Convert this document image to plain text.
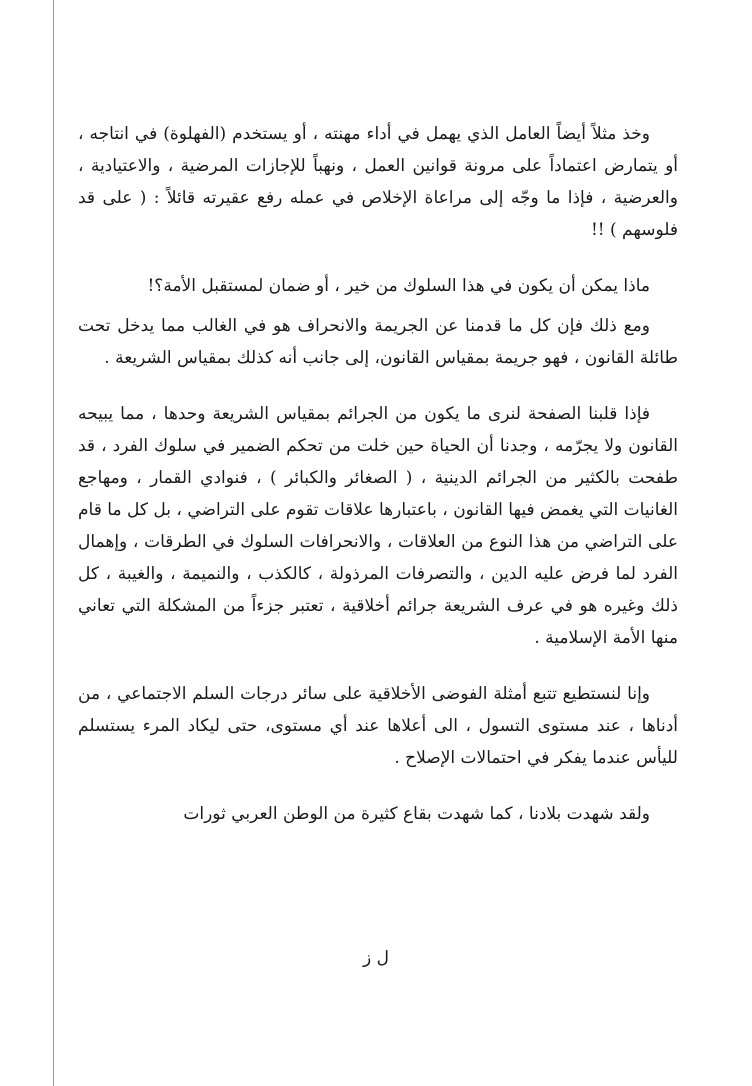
وخذ مثلاً أيضاً العامل الذي يهمل في أداء مهنته ، أو يستخدم (الفهلوة) في انتاجه ، أو يتمارض اعتماداً على مرونة قوانين العمل ، ونهباً للإجازات المرضية ، والاعتيادية ، والعرضية ، فإذا ما وجّه إلى مراعاة الإخلاص في عمله رفع عقيرته قائلاً : ( على قد فلوسهم ) !!

ماذا يمكن أن يكون في هذا السلوك من خير ، أو ضمان لمستقبل الأمة؟!

ومع ذلك فإن كل ما قدمنا عن الجريمة والانحراف هو في الغالب مما يدخل تحت طائلة القانون ، فهو جريمة بمقياس القانون، إلى جانب أنه كذلك بمقياس الشريعة .

فإذا قلبنا الصفحة لنرى ما يكون من الجرائم بمقياس الشريعة وحدها ، مما يبيحه القانون ولا يجرّمه ، وجدنا أن الحياة حين خلت من تحكم الضمير في سلوك الفرد ، قد طفحت بالكثير من الجرائم الدينية ، ( الصغائر والكبائر ) ، فنوادي القمار ، ومهاجع الغانيات التي يغمض فيها القانون ، باعتبارها علاقات تقوم على التراضي ، بل كل ما قام على التراضي من هذا النوع من العلاقات ، والانحرافات السلوك في الطرقات ، وإهمال الفرد لما فرض عليه الدين ، والتصرفات المرذولة ، كالكذب ، والنميمة ، والغيبة ، كل ذلك وغيره هو في عرف الشريعة جرائم أخلاقية ، تعتبر جزءاً من المشكلة التي تعاني منها الأمة الإسلامية .

وإنا لنستطيع تتبع أمثلة الفوضى الأخلاقية على سائر درجات السلم الاجتماعي ، من أدناها ، عند مستوى التسول ، الى أعلاها عند أي مستوى، حتى ليكاد المرء يستسلم لليأس عندما يفكر في احتمالات الإصلاح .

ولقد شهدت بلادنا ، كما شهدت بقاع كثيرة من الوطن العربي ثورات

ل ز
